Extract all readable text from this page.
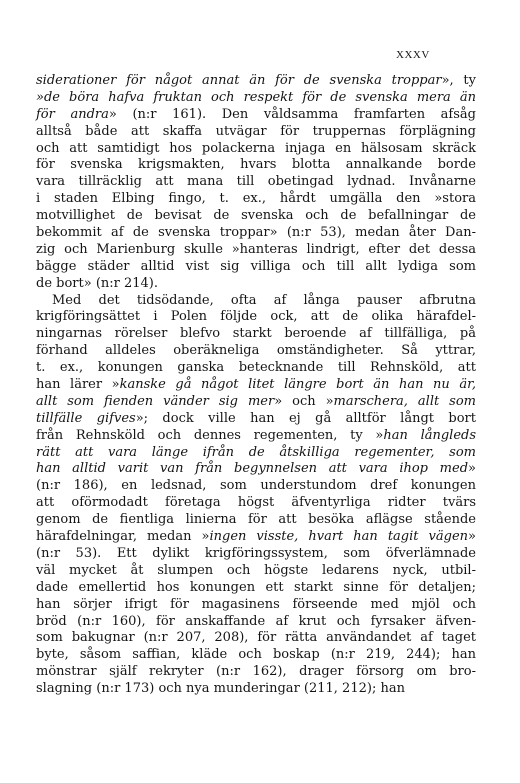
XXXV
siderationer för något annat än för de svenska troppar», ty
»de böra hafva fruktan och respekt för de svenska mera än
för andra» (n:r 161). Den våldsamma framfarten afsåg
alltså både att skaffa utvägar för truppernas förplägning
och att samtidigt hos polackerna injaga en hälsosam skräck
för svenska krigsmakten, hvars blotta annalkande borde
vara tillräcklig att mana till obetingad lydnad. Invånarne
i staden Elbing fingo, t. ex., hårdt umgälla den »stora
motvillighet de bevisat de svenska och de befallningar de
bekommit af de svenska troppar» (n:r 53), medan åter Dan-
zig och Marienburg skulle »hanteras lindrigt, efter det dessa
bägge städer alltid vist sig villiga och till allt lydiga som
de bort» (n:r 214).
Med det tidsödande, ofta af långa pauser afbrutna
krigföringsättet i Polen följde ock, att de olika härafdel-
ningarnas rörelser blefvo starkt beroende af tillfälliga, på
förhand alldeles oberäkneliga omständigheter. Så yttrar,
t. ex., konungen ganska betecknande till Rehnsköld, att
han lärer »kanske gå något litet längre bort än han nu är,
allt som fienden vänder sig mer» och »marschera, allt som
tillfälle gifves»; dock ville han ej gå alltför långt bort
från Rehnsköld och dennes regementen, ty »han långleds
rätt att vara länge ifrån de åtskilliga regementer, som
han alltid varit van från begynnelsen att vara ihop med»
(n:r 186), en ledsnad, som understundom dref konungen
att oförmodadt företaga högst äfventyrliga ridter tvärs
genom de fientliga linierna för att besöka aflägse stående
härafdelningar, medan »ingen visste, hvart han tagit vägen»
(n:r 53). Ett dylikt krigföringssystem, som öfverlämnade
väl mycket åt slumpen och högste ledarens nyck, utbil-
dade emellertid hos konungen ett starkt sinne för detaljen;
han sörjer ifrigt för magasinens förseende med mjöl och
bröd (n:r 160), för anskaffande af krut och fyrsaker äfven-
som bakugnar (n:r 207, 208), för rätta användandet af taget
byte, såsom saffian, kläde och boskap (n:r 219, 244); han
mönstrar själf rekryter (n:r 162), drager försorg om bro-
slagning (n:r 173) och nya munderingar (211, 212); han
